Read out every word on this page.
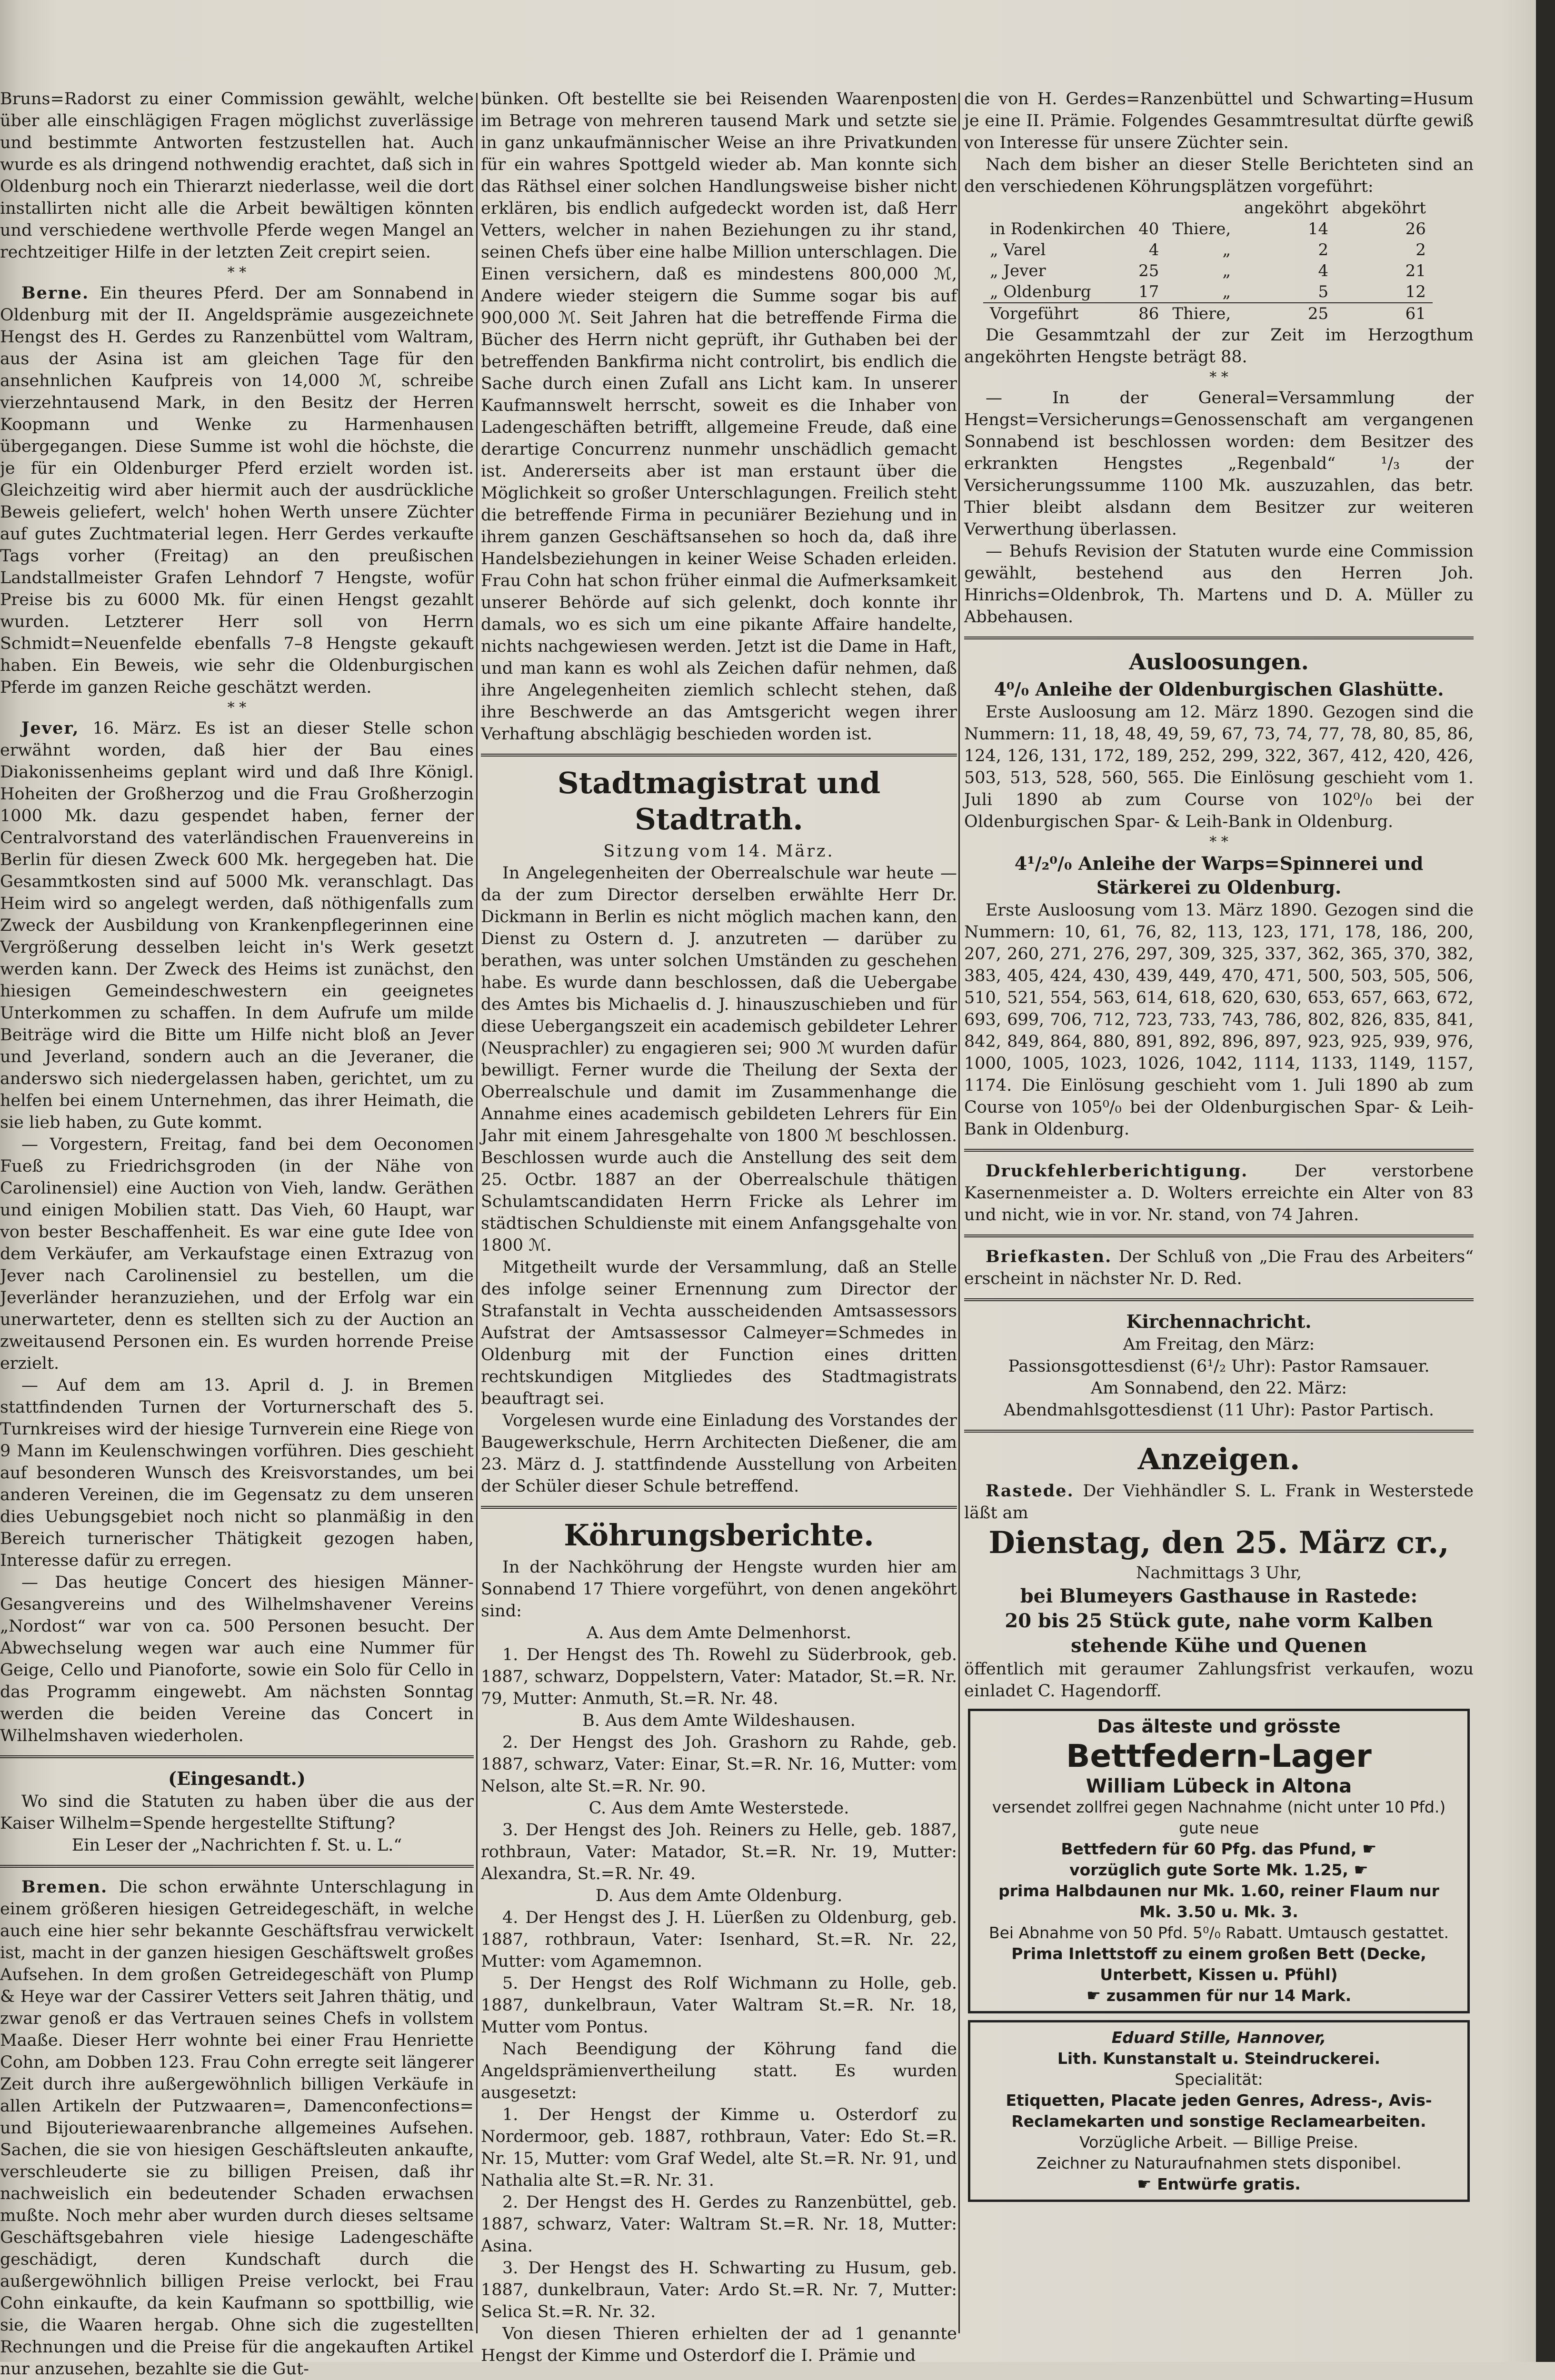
Bruns=Radorst zu einer Commission gewählt, welche über alle einschlägigen Fragen möglichst zuverlässige und bestimmte Antworten festzustellen hat. Auch wurde es als dringend nothwendig erachtet, daß sich in Oldenburg noch ein Thierarzt niederlasse, weil die dort installirten nicht alle die Arbeit bewältigen könnten und verschiedene werthvolle Pferde wegen Mangel an rechtzeitiger Hilfe in der letzten Zeit crepirt seien.

* *

Berne. Ein theures Pferd. Der am Sonnabend in Oldenburg mit der II. Angeldsprämie ausgezeichnete Hengst des H. Gerdes zu Ranzenbüttel vom Waltram, aus der Asina ist am gleichen Tage für den ansehnlichen Kaufpreis von 14,000 ℳ, schreibe vierzehntausend Mark, in den Besitz der Herren Koopmann und Wenke zu Harmenhausen übergegangen. Diese Summe ist wohl die höchste, die je für ein Oldenburger Pferd erzielt worden ist. Gleichzeitig wird aber hiermit auch der ausdrückliche Beweis geliefert, welch' hohen Werth unsere Züchter auf gutes Zuchtmaterial legen. Herr Gerdes verkaufte Tags vorher (Freitag) an den preußischen Landstallmeister Grafen Lehndorf 7 Hengste, wofür Preise bis zu 6000 Mk. für einen Hengst gezahlt wurden. Letzterer Herr soll von Herrn Schmidt=Neuenfelde ebenfalls 7–8 Hengste gekauft haben. Ein Beweis, wie sehr die Oldenburgischen Pferde im ganzen Reiche geschätzt werden.

* *

Jever, 16. März. Es ist an dieser Stelle schon erwähnt worden, daß hier der Bau eines Diakonissenheims geplant wird und daß Ihre Königl. Hoheiten der Großherzog und die Frau Großherzogin 1000 Mk. dazu gespendet haben, ferner der Centralvorstand des vaterländischen Frauenvereins in Berlin für diesen Zweck 600 Mk. hergegeben hat. Die Gesammtkosten sind auf 5000 Mk. veranschlagt. Das Heim wird so angelegt werden, daß nöthigenfalls zum Zweck der Ausbildung von Krankenpflegerinnen eine Vergrößerung desselben leicht in's Werk gesetzt werden kann. Der Zweck des Heims ist zunächst, den hiesigen Gemeindeschwestern ein geeignetes Unterkommen zu schaffen. In dem Aufrufe um milde Beiträge wird die Bitte um Hilfe nicht bloß an Jever und Jeverland, sondern auch an die Jeveraner, die anderswo sich niedergelassen haben, gerichtet, um zu helfen bei einem Unternehmen, das ihrer Heimath, die sie lieb haben, zu Gute kommt.

— Vorgestern, Freitag, fand bei dem Oeconomen Fueß zu Friedrichsgroden (in der Nähe von Carolinensiel) eine Auction von Vieh, landw. Geräthen und einigen Mobilien statt. Das Vieh, 60 Haupt, war von bester Beschaffenheit. Es war eine gute Idee von dem Verkäufer, am Verkaufstage einen Extrazug von Jever nach Carolinensiel zu bestellen, um die Jeverländer heranzuziehen, und der Erfolg war ein unerwarteter, denn es stellten sich zu der Auction an zweitausend Personen ein. Es wurden horrende Preise erzielt.

— Auf dem am 13. April d. J. in Bremen stattfindenden Turnen der Vorturnerschaft des 5. Turnkreises wird der hiesige Turnverein eine Riege von 9 Mann im Keulenschwingen vorführen. Dies geschieht auf besonderen Wunsch des Kreisvorstandes, um bei anderen Vereinen, die im Gegensatz zu dem unseren dies Uebungsgebiet noch nicht so planmäßig in den Bereich turnerischer Thätigkeit gezogen haben, Interesse dafür zu erregen.

— Das heutige Concert des hiesigen Männer-Gesangvereins und des Wilhelmshavener Vereins „Nordost“ war von ca. 500 Personen besucht. Der Abwechselung wegen war auch eine Nummer für Geige, Cello und Pianoforte, sowie ein Solo für Cello in das Programm eingewebt. Am nächsten Sonntag werden die beiden Vereine das Concert in Wilhelmshaven wiederholen.

(Eingesandt.)

Wo sind die Statuten zu haben über die aus der Kaiser Wilhelm=Spende hergestellte Stiftung?

Ein Leser der „Nachrichten f. St. u. L.“

Bremen. Die schon erwähnte Unterschlagung in einem größeren hiesigen Getreidegeschäft, in welche auch eine hier sehr bekannte Geschäftsfrau verwickelt ist, macht in der ganzen hiesigen Geschäftswelt großes Aufsehen. In dem großen Getreidegeschäft von Plump & Heye war der Cassirer Vetters seit Jahren thätig, und zwar genoß er das Vertrauen seines Chefs in vollstem Maaße. Dieser Herr wohnte bei einer Frau Henriette Cohn, am Dobben 123. Frau Cohn erregte seit längerer Zeit durch ihre außergewöhnlich billigen Verkäufe in allen Artikeln der Putzwaaren=, Damenconfections= und Bijouteriewaarenbranche allgemeines Aufsehen. Sachen, die sie von hiesigen Geschäftsleuten ankaufte, verschleuderte sie zu billigen Preisen, daß ihr nachweislich ein bedeutender Schaden erwachsen mußte. Noch mehr aber wurden durch dieses seltsame Geschäftsgebahren viele hiesige Ladengeschäfte geschädigt, deren Kundschaft durch die außergewöhnlich billigen Preise verlockt, bei Frau Cohn einkaufte, da kein Kaufmann so spottbillig, wie sie, die Waaren hergab. Ohne sich die zugestellten Rechnungen und die Preise für die angekauften Artikel nur anzusehen, bezahlte sie die Gut-

bünken. Oft bestellte sie bei Reisenden Waarenposten im Betrage von mehreren tausend Mark und setzte sie in ganz unkaufmännischer Weise an ihre Privatkunden für ein wahres Spottgeld wieder ab. Man konnte sich das Räthsel einer solchen Handlungsweise bisher nicht erklären, bis endlich aufgedeckt worden ist, daß Herr Vetters, welcher in nahen Beziehungen zu ihr stand, seinen Chefs über eine halbe Million unterschlagen. Die Einen versichern, daß es mindestens 800,000 ℳ, Andere wieder steigern die Summe sogar bis auf 900,000 ℳ. Seit Jahren hat die betreffende Firma die Bücher des Herrn nicht geprüft, ihr Guthaben bei der betreffenden Bankfirma nicht controlirt, bis endlich die Sache durch einen Zufall ans Licht kam. In unserer Kaufmannswelt herrscht, soweit es die Inhaber von Ladengeschäften betrifft, allgemeine Freude, daß eine derartige Concurrenz nunmehr unschädlich gemacht ist. Andererseits aber ist man erstaunt über die Möglichkeit so großer Unterschlagungen. Freilich steht die betreffende Firma in pecuniärer Beziehung und in ihrem ganzen Geschäftsansehen so hoch da, daß ihre Handelsbeziehungen in keiner Weise Schaden erleiden. Frau Cohn hat schon früher einmal die Aufmerksamkeit unserer Behörde auf sich gelenkt, doch konnte ihr damals, wo es sich um eine pikante Affaire handelte, nichts nachgewiesen werden. Jetzt ist die Dame in Haft, und man kann es wohl als Zeichen dafür nehmen, daß ihre Angelegenheiten ziemlich schlecht stehen, daß ihre Beschwerde an das Amtsgericht wegen ihrer Verhaftung abschlägig beschieden worden ist.

Stadtmagistrat und Stadtrath.

Sitzung vom 14. März.

In Angelegenheiten der Oberrealschule war heute — da der zum Director derselben erwählte Herr Dr. Dickmann in Berlin es nicht möglich machen kann, den Dienst zu Ostern d. J. anzutreten — darüber zu berathen, was unter solchen Umständen zu geschehen habe. Es wurde dann beschlossen, daß die Uebergabe des Amtes bis Michaelis d. J. hinauszuschieben und für diese Uebergangszeit ein academisch gebildeter Lehrer (Neusprachler) zu engagieren sei; 900 ℳ wurden dafür bewilligt. Ferner wurde die Theilung der Sexta der Oberrealschule und damit im Zusammenhange die Annahme eines academisch gebildeten Lehrers für Ein Jahr mit einem Jahresgehalte von 1800 ℳ beschlossen. Beschlossen wurde auch die Anstellung des seit dem 25. Octbr. 1887 an der Oberrealschule thätigen Schulamtscandidaten Herrn Fricke als Lehrer im städtischen Schuldienste mit einem Anfangsgehalte von 1800 ℳ.

Mitgetheilt wurde der Versammlung, daß an Stelle des infolge seiner Ernennung zum Director der Strafanstalt in Vechta ausscheidenden Amtsassessors Aufstrat der Amtsassessor Calmeyer=Schmedes in Oldenburg mit der Function eines dritten rechtskundigen Mitgliedes des Stadtmagistrats beauftragt sei.

Vorgelesen wurde eine Einladung des Vorstandes der Baugewerkschule, Herrn Architecten Dießener, die am 23. März d. J. stattfindende Ausstellung von Arbeiten der Schüler dieser Schule betreffend.

Köhrungsberichte.

In der Nachköhrung der Hengste wurden hier am Sonnabend 17 Thiere vorgeführt, von denen angeköhrt sind:

A. Aus dem Amte Delmenhorst.

1. Der Hengst des Th. Rowehl zu Süderbrook, geb. 1887, schwarz, Doppelstern, Vater: Matador, St.=R. Nr. 79, Mutter: Anmuth, St.=R. Nr. 48.

B. Aus dem Amte Wildeshausen.

2. Der Hengst des Joh. Grashorn zu Rahde, geb. 1887, schwarz, Vater: Einar, St.=R. Nr. 16, Mutter: vom Nelson, alte St.=R. Nr. 90.

C. Aus dem Amte Westerstede.

3. Der Hengst des Joh. Reiners zu Helle, geb. 1887, rothbraun, Vater: Matador, St.=R. Nr. 19, Mutter: Alexandra, St.=R. Nr. 49.

D. Aus dem Amte Oldenburg.

4. Der Hengst des J. H. Lüerßen zu Oldenburg, geb. 1887, rothbraun, Vater: Isenhard, St.=R. Nr. 22, Mutter: vom Agamemnon.

5. Der Hengst des Rolf Wichmann zu Holle, geb. 1887, dunkelbraun, Vater Waltram St.=R. Nr. 18, Mutter vom Pontus.

Nach Beendigung der Köhrung fand die Angeldsprämienvertheilung statt. Es wurden ausgesetzt:

1. Der Hengst der Kimme u. Osterdorf zu Nordermoor, geb. 1887, rothbraun, Vater: Edo St.=R. Nr. 15, Mutter: vom Graf Wedel, alte St.=R. Nr. 91, und Nathalia alte St.=R. Nr. 31.

2. Der Hengst des H. Gerdes zu Ranzenbüttel, geb. 1887, schwarz, Vater: Waltram St.=R. Nr. 18, Mutter: Asina.

3. Der Hengst des H. Schwarting zu Husum, geb. 1887, dunkelbraun, Vater: Ardo St.=R. Nr. 7, Mutter: Selica St.=R. Nr. 32.

Von diesen Thieren erhielten der ad 1 genannte Hengst der Kimme und Osterdorf die I. Prämie und

die von H. Gerdes=Ranzenbüttel und Schwarting=Husum je eine II. Prämie. Folgendes Gesammtresultat dürfte gewiß von Interesse für unsere Züchter sein.

Nach dem bisher an dieser Stelle Berichteten sind an den verschiedenen Köhrungsplätzen vorgeführt:

			angeköhrt	abgeköhrt
in Rodenkirchen	40	Thiere,	14	26
„ Varel	4	„	2	2
„ Jever	25	„	4	21
„ Oldenburg	17	„	5	12
Vorgeführt	86	Thiere,	25	61

Die Gesammtzahl der zur Zeit im Herzogthum angeköhrten Hengste beträgt 88.

* *

— In der General=Versammlung der Hengst=Versicherungs=Genossenschaft am vergangenen Sonnabend ist beschlossen worden: dem Besitzer des erkrankten Hengstes „Regenbald“ ¹/₃ der Versicherungssumme 1100 Mk. auszuzahlen, das betr. Thier bleibt alsdann dem Besitzer zur weiteren Verwerthung überlassen.

— Behufs Revision der Statuten wurde eine Commission gewählt, bestehend aus den Herren Joh. Hinrichs=Oldenbrok, Th. Martens und D. A. Müller zu Abbehausen.

Ausloosungen.

4⁰/₀ Anleihe der Oldenburgischen Glashütte.

Erste Ausloosung am 12. März 1890. Gezogen sind die Nummern: 11, 18, 48, 49, 59, 67, 73, 74, 77, 78, 80, 85, 86, 124, 126, 131, 172, 189, 252, 299, 322, 367, 412, 420, 426, 503, 513, 528, 560, 565. Die Einlösung geschieht vom 1. Juli 1890 ab zum Course von 102⁰/₀ bei der Oldenburgischen Spar- & Leih-Bank in Oldenburg.

* *

4¹/₂⁰/₀ Anleihe der Warps=Spinnerei und Stärkerei zu Oldenburg.

Erste Ausloosung vom 13. März 1890. Gezogen sind die Nummern: 10, 61, 76, 82, 113, 123, 171, 178, 186, 200, 207, 260, 271, 276, 297, 309, 325, 337, 362, 365, 370, 382, 383, 405, 424, 430, 439, 449, 470, 471, 500, 503, 505, 506, 510, 521, 554, 563, 614, 618, 620, 630, 653, 657, 663, 672, 693, 699, 706, 712, 723, 733, 743, 786, 802, 826, 835, 841, 842, 849, 864, 880, 891, 892, 896, 897, 923, 925, 939, 976, 1000, 1005, 1023, 1026, 1042, 1114, 1133, 1149, 1157, 1174. Die Einlösung geschieht vom 1. Juli 1890 ab zum Course von 105⁰/₀ bei der Oldenburgischen Spar- & Leih-Bank in Oldenburg.

Druckfehlerberichtigung.	Der verstorbene Kasernenmeister a. D. Wolters erreichte ein Alter von 83 und nicht, wie in vor. Nr. stand, von 74 Jahren.

Briefkasten. Der Schluß von „Die Frau des Arbeiters“ erscheint in nächster Nr. D. Red.

Kirchennachricht.

Am Freitag, den März:

Passionsgottesdienst (6¹/₂ Uhr): Pastor Ramsauer.

Am Sonnabend, den 22. März:

Abendmahlsgottesdienst (11 Uhr): Pastor Partisch.

Anzeigen.

Rastede. Der Viehhändler S. L. Frank in Westerstede läßt am

Dienstag, den 25. März cr.,

Nachmittags 3 Uhr,

bei Blumeyers Gasthause in Rastede:

20 bis 25 Stück gute, nahe vorm Kalben stehende Kühe und Quenen

öffentlich mit geraumer Zahlungsfrist verkaufen, wozu einladet C. Hagendorff.

Das älteste und grösste

Bettfedern-Lager

William Lübeck in Altona

versendet zollfrei gegen Nachnahme (nicht unter 10 Pfd.) gute neue

Bettfedern für 60 Pfg. das Pfund, ☛

vorzüglich gute Sorte Mk. 1.25, ☛

prima Halbdaunen nur Mk. 1.60, reiner Flaum nur Mk. 3.50 u. Mk. 3.

Bei Abnahme von 50 Pfd. 5⁰/₀ Rabatt. Umtausch gestattet.

Prima Inlettstoff zu einem großen Bett (Decke, Unterbett, Kissen u. Pfühl)

☛ zusammen für nur 14 Mark.

Eduard Stille, Hannover,

Lith. Kunstanstalt u. Steindruckerei.

Specialität:

Etiquetten, Placate jeden Genres, Adress-, Avis-Reclamekarten und sonstige Reclamearbeiten.

Vorzügliche Arbeit. — Billige Preise.

Zeichner zu Naturaufnahmen stets disponibel.

☛ Entwürfe gratis.
